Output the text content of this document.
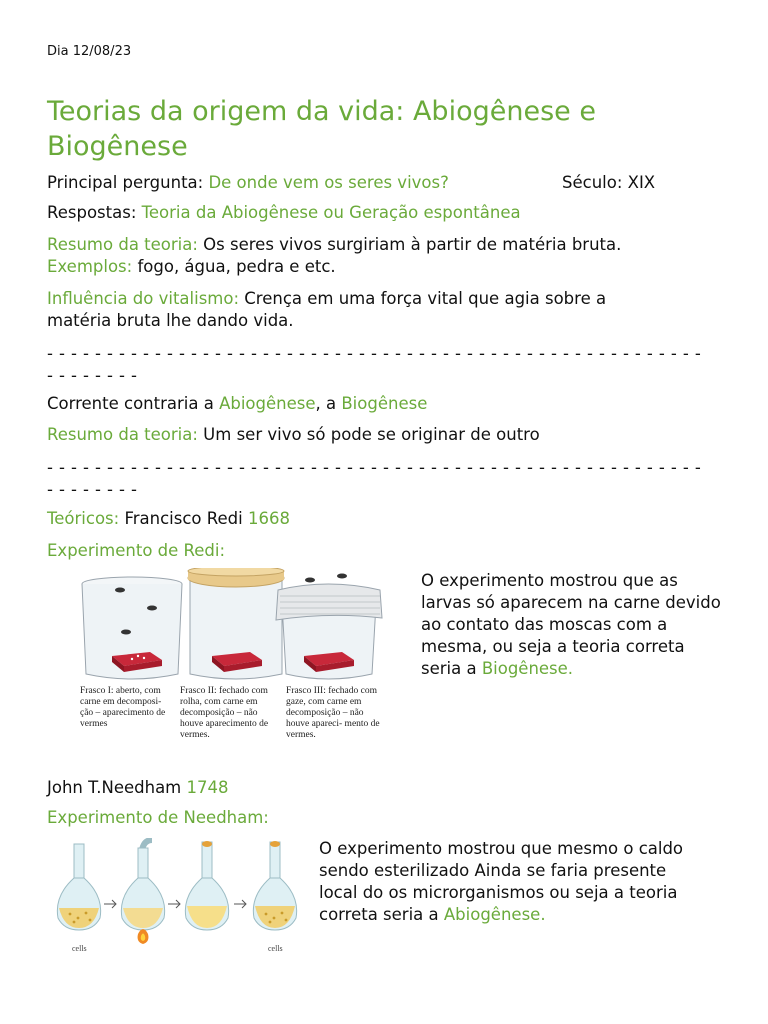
Dia 12/08/23
Teorias da origem da vida: Abiogênese e Biogênese
Principal pergunta: De onde vem os seres vivos?	Século: XIX
Respostas: Teoria da Abiogênese ou Geração espontânea
Resumo da teoria: Os seres vivos surgiriam à partir de matéria bruta.
Exemplos: fogo, água, pedra e etc.
Influência do vitalismo: Crença em uma força vital que agia sobre a
matéria bruta lhe dando vida.
- - - - - - - - - - - - - - - - - - - - - - - - - - - - - - - - - - - - - - - - - - - - - - - - - - - - - - -
- - - - - - - -
Corrente contraria a Abiogênese, a Biogênese
Resumo da teoria: Um ser vivo só pode se originar de outro
- - - - - - - - - - - - - - - - - - - - - - - - - - - - - - - - - - - - - - - - - - - - - - - - - - - - - - -
- - - - - - - -
Teóricos: Francisco Redi 1668
Experimento de Redi:
Frasco I: aberto, com carne em decomposi- ção – aparecimento de vermes
Frasco II: fechado com rolha, com carne em decomposição – não houve aparecimento de vermes.
Frasco III: fechado com gaze, com carne em decomposição – não houve apareci- mento de vermes.
O experimento mostrou que as larvas só aparecem na carne devido ao contato das moscas com a mesma, ou seja a teoria correta seria a Biogênese.
John T.Needham 1748
Experimento de Needham:
cells	cells
O experimento mostrou que mesmo o caldo sendo esterilizado Ainda se faria presente local do os microrganismos ou seja a teoria correta seria a Abiogênese.
